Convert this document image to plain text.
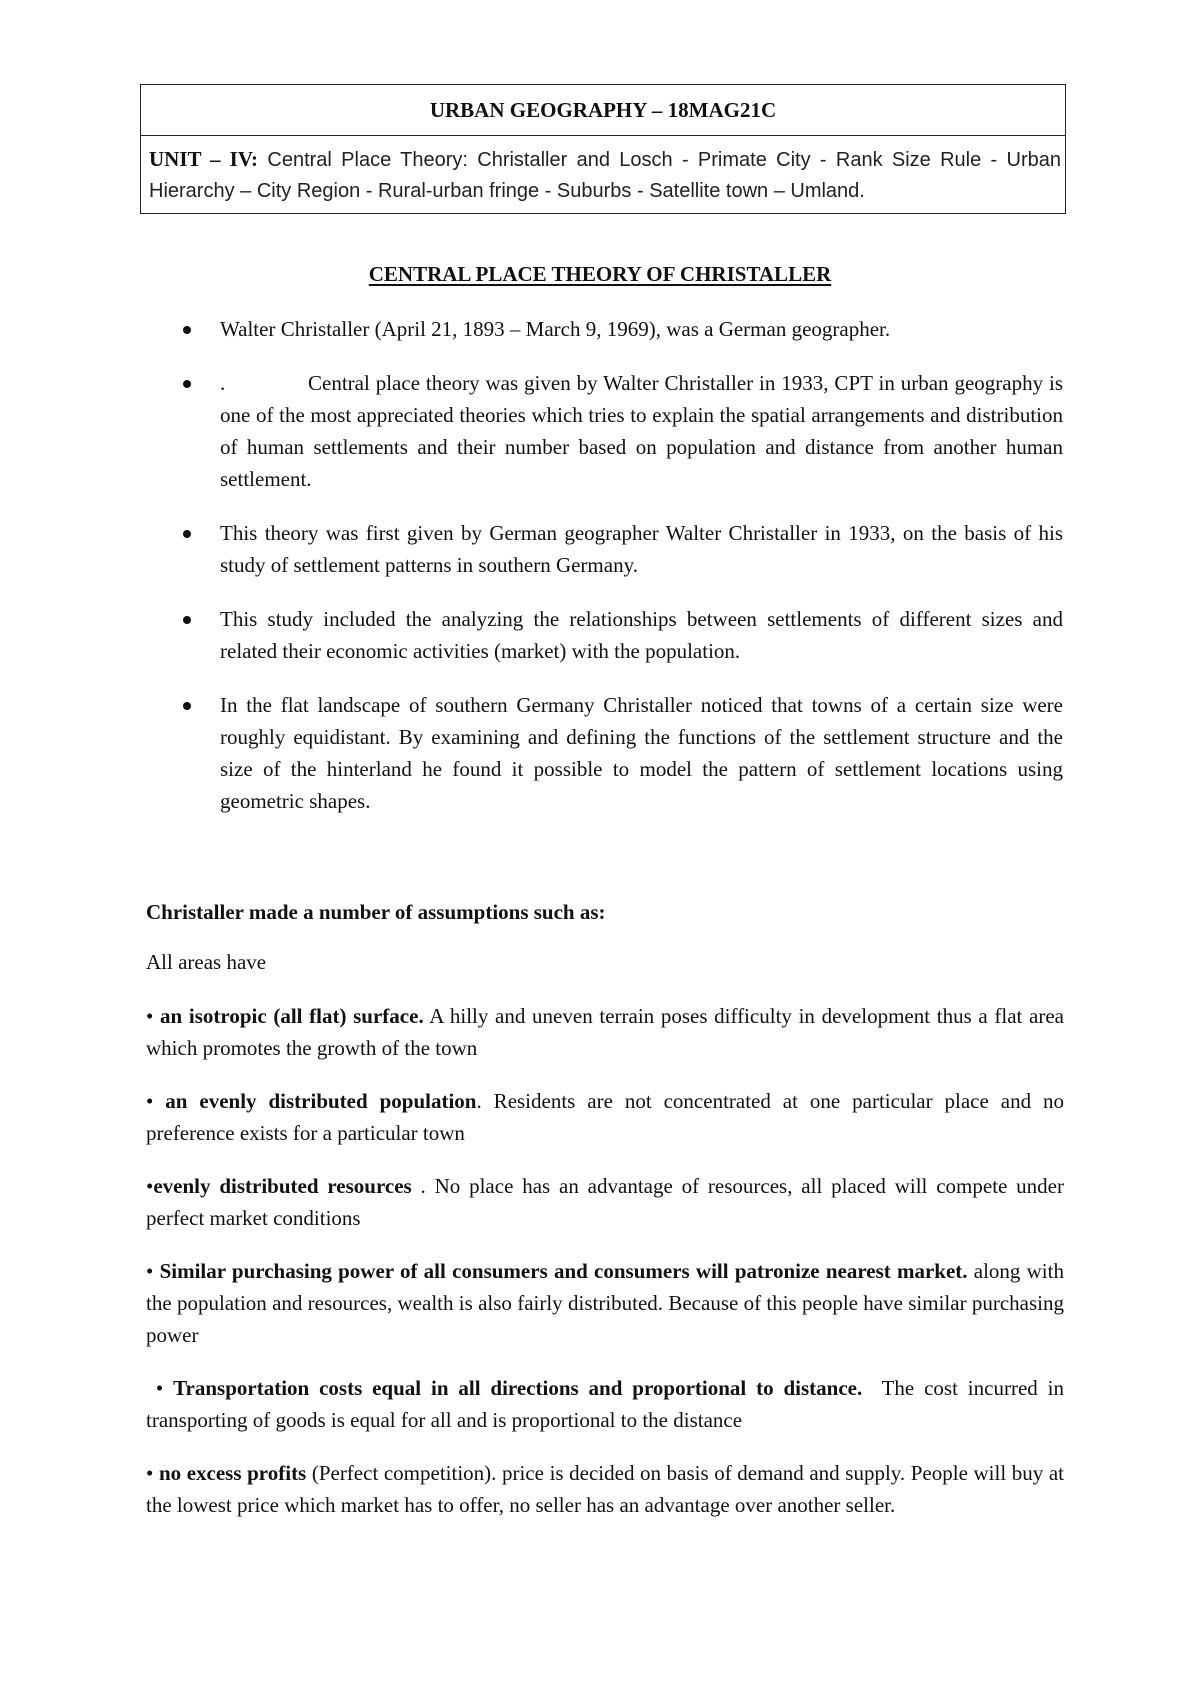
URBAN GEOGRAPHY – 18MAG21C
UNIT – IV: Central Place Theory: Christaller and Losch - Primate City - Rank Size Rule - Urban Hierarchy – City Region - Rural-urban fringe - Suburbs - Satellite town – Umland.
CENTRAL PLACE THEORY OF CHRISTALLER
Walter Christaller (April 21, 1893 – March 9, 1969), was a German geographer.
.	Central place theory was given by Walter Christaller in 1933, CPT in urban geography is one of the most appreciated theories which tries to explain the spatial arrangements and distribution of human settlements and their number based on population and distance from another human settlement.
This theory was first given by German geographer Walter Christaller in 1933, on the basis of his study of settlement patterns in southern Germany.
This study included the analyzing the relationships between settlements of different sizes and related their economic activities (market) with the population.
In the flat landscape of southern Germany Christaller noticed that towns of a certain size were roughly equidistant. By examining and defining the functions of the settlement structure and the size of the hinterland he found it possible to model the pattern of settlement locations using geometric shapes.
Christaller made a number of assumptions such as:
All areas have

• an isotropic (all flat) surface. A hilly and uneven terrain poses difficulty in development thus a flat area which promotes the growth of the town

• an evenly distributed population. Residents are not concentrated at one particular place and no preference exists for a particular town

•evenly distributed resources . No place has an advantage of resources, all placed will compete under perfect market conditions

• Similar purchasing power of all consumers and consumers will patronize nearest market. along with the population and resources, wealth is also fairly distributed. Because of this people have similar purchasing power

• Transportation costs equal in all directions and proportional to distance.  The cost incurred in transporting of goods is equal for all and is proportional to the distance

• no excess profits (Perfect competition). price is decided on basis of demand and supply. People will buy at the lowest price which market has to offer, no seller has an advantage over another seller.
